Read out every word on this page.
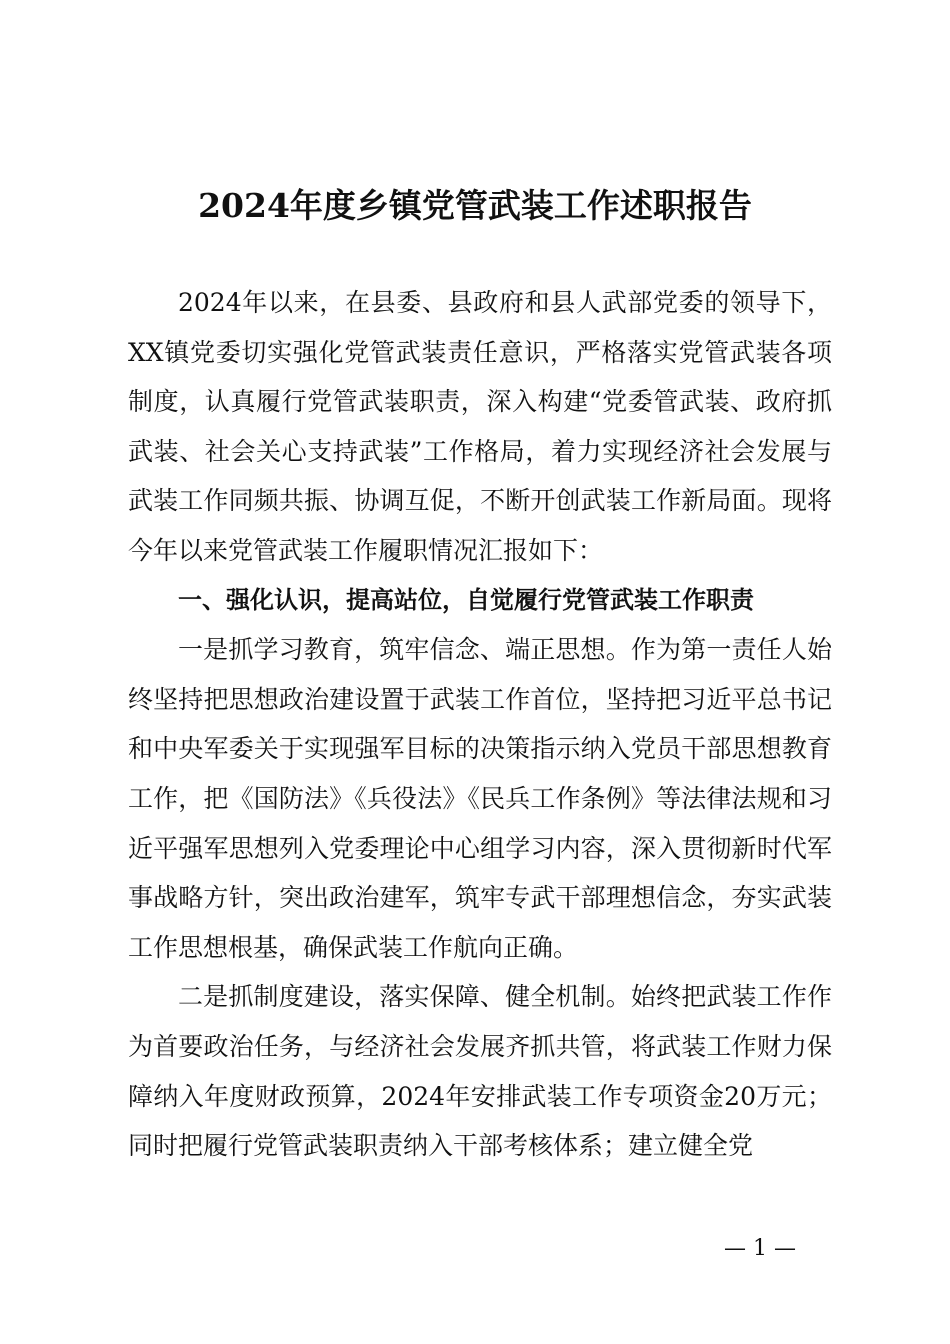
2024年度乡镇党管武装工作述职报告

2024年以来，在县委、县政府和县人武部党委的领导下，XX镇党委切实强化党管武装责任意识，严格落实党管武装各项制度，认真履行党管武装职责，深入构建“党委管武装、政府抓武装、社会关心支持武装”工作格局，着力实现经济社会发展与武装工作同频共振、协调互促，不断开创武装工作新局面。现将今年以来党管武装工作履职情况汇报如下：

一、强化认识，提高站位，自觉履行党管武装工作职责

一是抓学习教育，筑牢信念、端正思想。作为第一责任人始终坚持把思想政治建设置于武装工作首位，坚持把习近平总书记和中央军委关于实现强军目标的决策指示纳入党员干部思想教育工作，把《国防法》《兵役法》《民兵工作条例》等法律法规和习近平强军思想列入党委理论中心组学习内容，深入贯彻新时代军事战略方针，突出政治建军，筑牢专武干部理想信念，夯实武装工作思想根基，确保武装工作航向正确。

二是抓制度建设，落实保障、健全机制。始终把武装工作作为首要政治任务，与经济社会发展齐抓共管，将武装工作财力保障纳入年度财政预算，2024年安排武装工作专项资金20万元；同时把履行党管武装职责纳入干部考核体系；建立健全党

— 1 —
